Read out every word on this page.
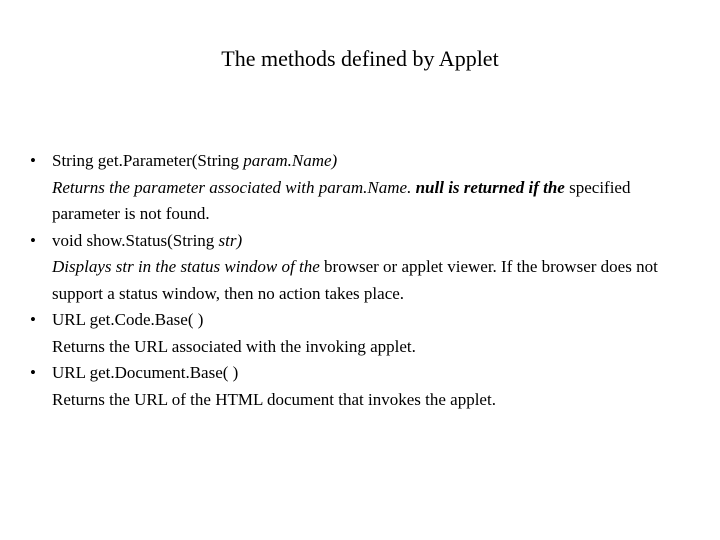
The methods defined by Applet
• String get.Parameter(String param.Name)
Returns the parameter associated with param.Name. null is returned if the specified parameter is not found.
• void show.Status(String str)
Displays str in the status window of the browser or applet viewer. If the browser does not support a status window, then no action takes place.
• URL get.Code.Base( )
Returns the URL associated with the invoking applet.
• URL get.Document.Base( )
Returns the URL of the HTML document that invokes the applet.
